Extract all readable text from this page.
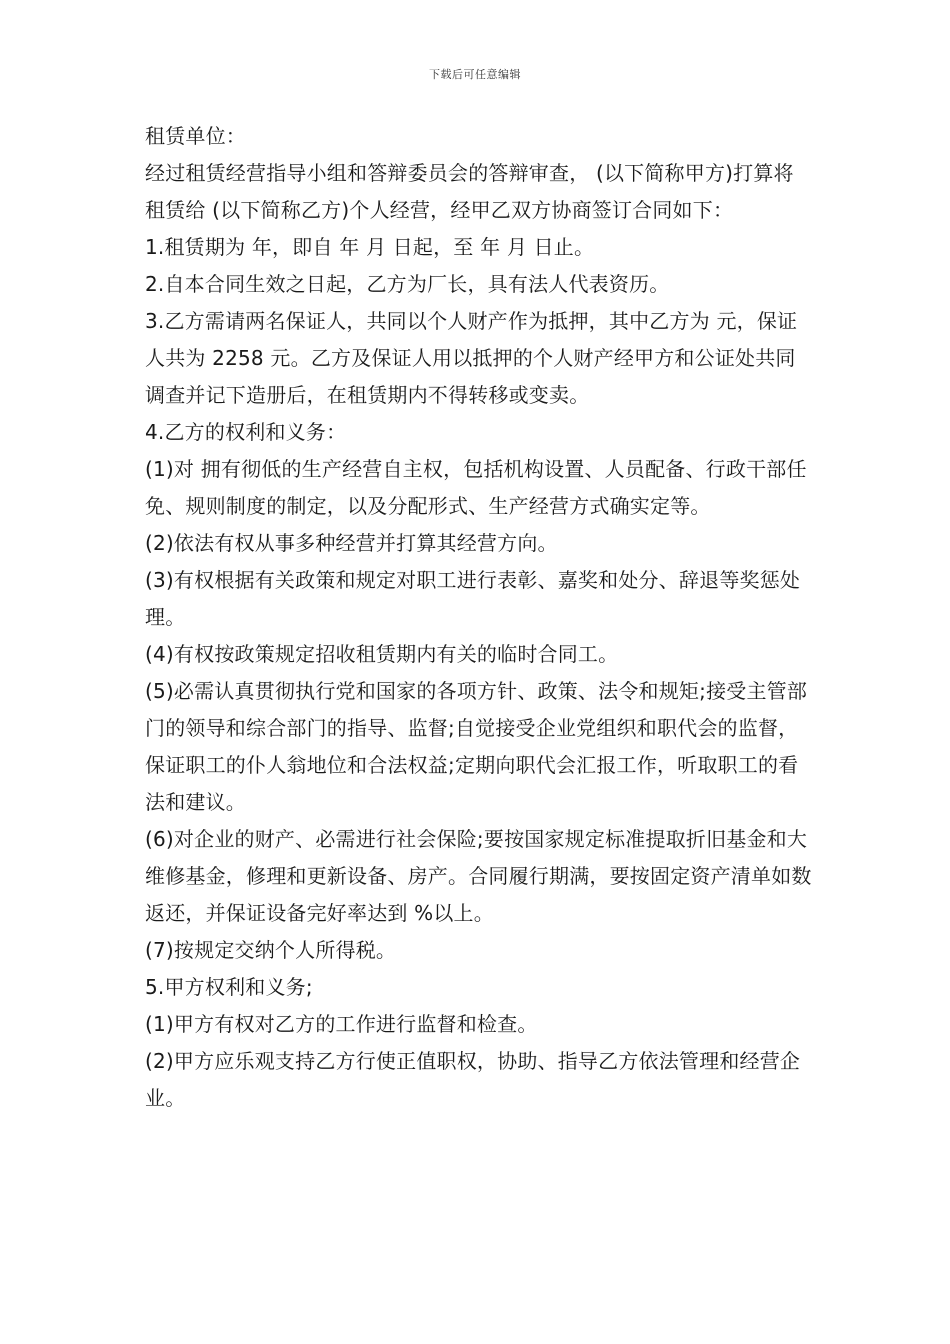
下载后可任意编辑

租赁单位：

经过租赁经营指导小组和答辩委员会的答辩审查， (以下简称甲方)打算将 租赁给 (以下简称乙方)个人经营，经甲乙双方协商签订合同如下：

1.租赁期为 年，即自 年 月 日起，至 年 月 日止。

2.自本合同生效之日起，乙方为厂长，具有法人代表资历。

3.乙方需请两名保证人，共同以个人财产作为抵押，其中乙方为 元，保证人共为 2258 元。乙方及保证人用以抵押的个人财产经甲方和公证处共同调查并记下造册后，在租赁期内不得转移或变卖。

4.乙方的权利和义务：

(1)对 拥有彻低的生产经营自主权，包括机构设置、人员配备、行政干部任免、规则制度的制定，以及分配形式、生产经营方式确实定等。

(2)依法有权从事多种经营并打算其经营方向。

(3)有权根据有关政策和规定对职工进行表彰、嘉奖和处分、辞退等奖惩处理。

(4)有权按政策规定招收租赁期内有关的临时合同工。

(5)必需认真贯彻执行党和国家的各项方针、政策、法令和规矩;接受主管部门的领导和综合部门的指导、监督;自觉接受企业党组织和职代会的监督，保证职工的仆人翁地位和合法权益;定期向职代会汇报工作，听取职工的看法和建议。

(6)对企业的财产、必需进行社会保险;要按国家规定标准提取折旧基金和大维修基金，修理和更新设备、房产。合同履行期满，要按固定资产清单如数返还，并保证设备完好率达到 %以上。

(7)按规定交纳个人所得税。

5.甲方权利和义务;

(1)甲方有权对乙方的工作进行监督和检查。

(2)甲方应乐观支持乙方行使正值职权，协助、指导乙方依法管理和经营企业。
